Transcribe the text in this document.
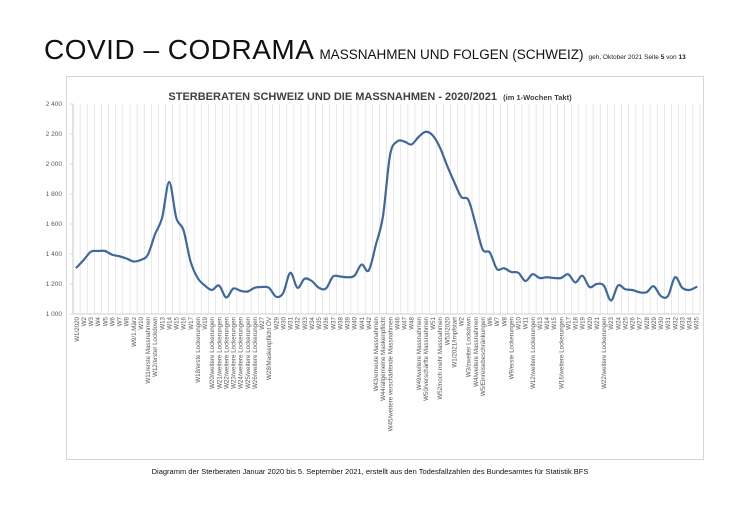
COVID – CODRAMA MASSNAHMEN UND FOLGEN (SCHWEIZ) geh, Oktober 2021 Seite 5 von 13
STERBERATEN SCHWEIZ UND DIE MASSNAHMEN - 2020/2021 (im 1-Wochen Takt)
1 000
1 200
1 400
1 600
1 800
2 000
2 200
2 400
W1/2020 W2 W3 W4 W5 W6 W7 W8 W9/1.März W10 W11/erste Massnahmen W12/erster Lockdown W13 W14 W15 W16 W17 W18/erste Lockerungen W19 W20/weitere Lockerungen W21/weitere Lockerungen W22/weitere Lockerungen W23/weitere Lockerungen W24/weitere Lockerungen W25/weitere Lockerungen W26/weitere Lockerungen W27 W28/Maskenpflicht ÖV W29 W30 W31 W32 W33 W34 W35 W36 W37 W38 W39 W40 W41 W42 W43/erneute Massnahmen W44/allgemeine Maskenpflicht W45/weitere verschärfende Massnahmen W46 W47 W48 W49/weitere Massnahmen W50/verschärfte Massnahmen W51 W52/noch mehr Massnahmen W53/2020 W1/2021/Impfstart W2 W3/zweiter Lockdown W4/weitere Massnahmen W5/Einreisebeschränkungen W6 W7 W8 W9/erste Lockerungen W10 W11 W12/weitere Lockerungen W13 W14 W15 W16/weitere Lockerungen W17 W18 W19 W20 W21 W22/weitere Lockerungen W23 W24 W25 W26 W27 W28 W29 W30 W31 W32 W33 W34 W35
Diagramm der Sterberaten Januar 2020 bis 5. September 2021, erstellt aus den Todesfallzahlen des Bundesamtes für Statistik BFS
